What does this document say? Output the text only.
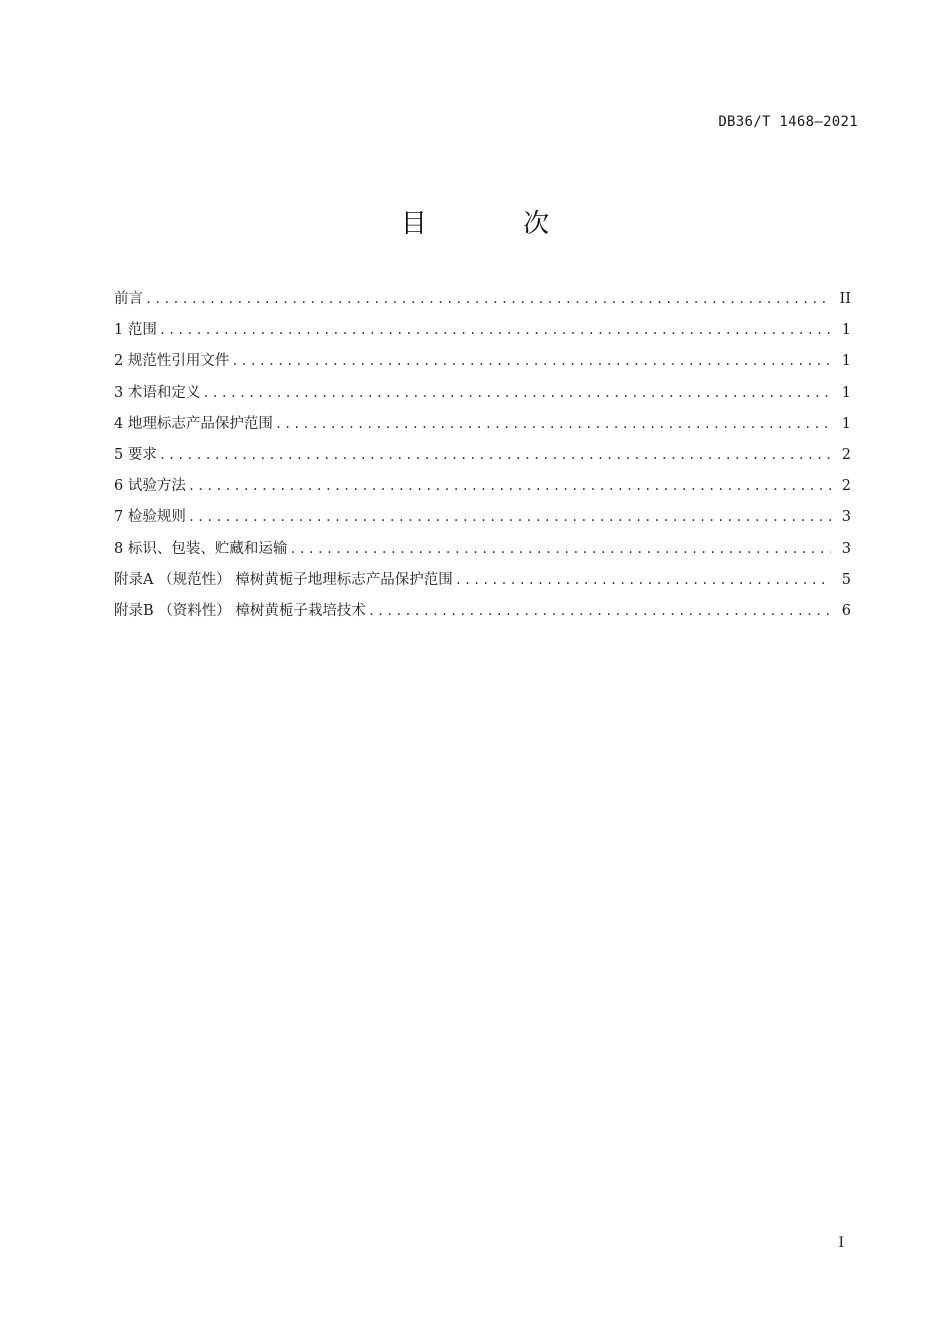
DB36/T 1468—2021
目 次
前言 .....	II
1 范围 .....	1
2 规范性引用文件 .....	1
3 术语和定义 .....	1
4 地理标志产品保护范围 .....	1
5 要求 .....	2
6 试验方法 .....	2
7 检验规则 .....	3
8 标识、包装、贮藏和运输 .....	3
附录A （规范性） 樟树黄栀子地理标志产品保护范围 .....	5
附录B （资料性） 樟树黄栀子栽培技术 .....	6
I
